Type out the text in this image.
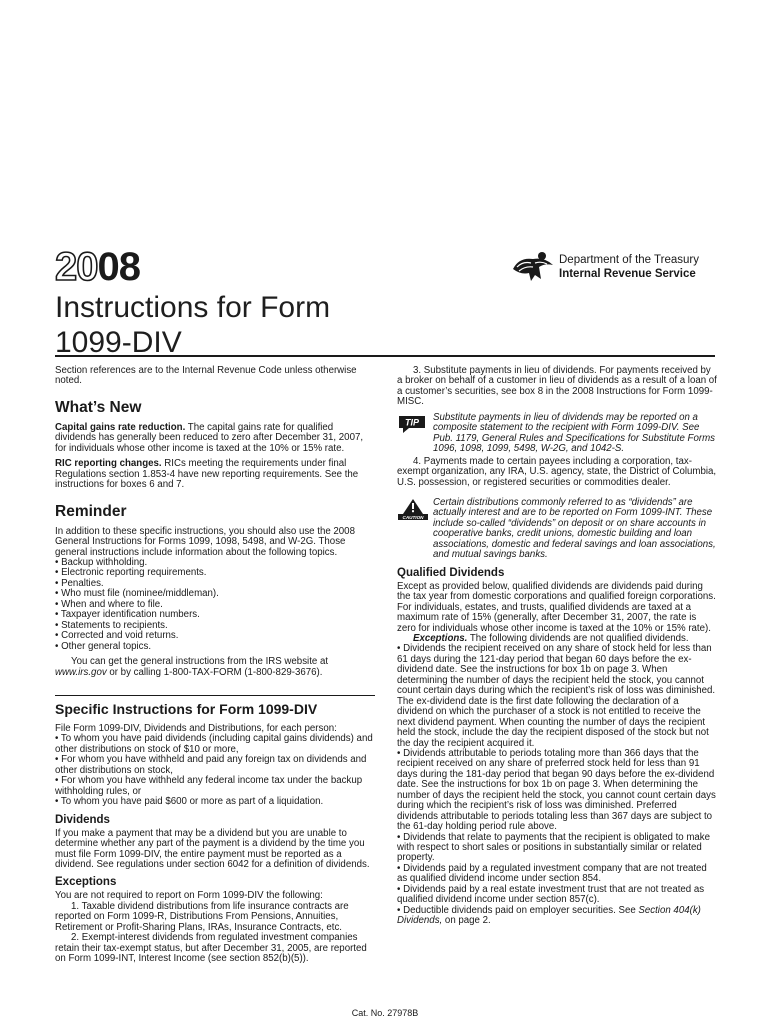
2008	Department of the Treasury
Internal Revenue Service
Instructions for Form
1099-DIV

Section references are to the Internal Revenue Code unless otherwise noted.

What’s New

Capital gains rate reduction. The capital gains rate for qualified dividends has generally been reduced to zero after December 31, 2007, for individuals whose other income is taxed at the 10% or 15% rate.

RIC reporting changes. RICs meeting the requirements under final Regulations section 1.853-4 have new reporting requirements. See the instructions for boxes 6 and 7.

Reminder

In addition to these specific instructions, you should also use the 2008 General Instructions for Forms 1099, 1098, 5498, and W-2G. Those general instructions include information about the following topics.

• Backup withholding.

• Electronic reporting requirements.

• Penalties.

• Who must file (nominee/middleman).

• When and where to file.

• Taxpayer identification numbers.

• Statements to recipients.

• Corrected and void returns.

• Other general topics.

You can get the general instructions from the IRS website at www.irs.gov or by calling 1-800-TAX-FORM (1-800-829-3676).

Specific Instructions for Form 1099-DIV

File Form 1099-DIV, Dividends and Distributions, for each person:

• To whom you have paid dividends (including capital gains dividends) and other distributions on stock of $10 or more,

• For whom you have withheld and paid any foreign tax on dividends and other distributions on stock,

• For whom you have withheld any federal income tax under the backup withholding rules, or

• To whom you have paid $600 or more as part of a liquidation.

Dividends

If you make a payment that may be a dividend but you are unable to determine whether any part of the payment is a dividend by the time you must file Form 1099-DIV, the entire payment must be reported as a dividend. See regulations under section 6042 for a definition of dividends.

Exceptions

You are not required to report on Form 1099-DIV the following:

1. Taxable dividend distributions from life insurance contracts are reported on Form 1099-R, Distributions From Pensions, Annuities, Retirement or Profit-Sharing Plans, IRAs, Insurance Contracts, etc.

2. Exempt-interest dividends from regulated investment companies retain their tax-exempt status, but after December 31, 2005, are reported on Form 1099-INT, Interest Income (see section 852(b)(5)).

3. Substitute payments in lieu of dividends. For payments received by a broker on behalf of a customer in lieu of dividends as a result of a loan of a customer’s securities, see box 8 in the 2008 Instructions for Form 1099-MISC.

TIP Substitute payments in lieu of dividends may be reported on a composite statement to the recipient with Form 1099-DIV. See Pub. 1179, General Rules and Specifications for Substitute Forms 1096, 1098, 1099, 5498, W-2G, and 1042-S.

4. Payments made to certain payees including a corporation, tax-exempt organization, any IRA, U.S. agency, state, the District of Columbia, U.S. possession, or registered securities or commodities dealer.

CAUTION

Certain distributions commonly referred to as “dividends” are actually interest and are to be reported on Form 1099-INT. These include so-called “dividends” on deposit or on share accounts in cooperative banks, credit unions, domestic building and loan associations, domestic and federal savings and loan associations, and mutual savings banks.

Qualified Dividends

Except as provided below, qualified dividends are dividends paid during the tax year from domestic corporations and qualified foreign corporations. For individuals, estates, and trusts, qualified dividends are taxed at a maximum rate of 15% (generally, after December 31, 2007, the rate is zero for individuals whose other income is taxed at the 10% or 15% rate).

Exceptions. The following dividends are not qualified dividends.

• Dividends the recipient received on any share of stock held for less than 61 days during the 121-day period that began 60 days before the ex-dividend date. See the instructions for box 1b on page 3. When determining the number of days the recipient held the stock, you cannot count certain days during which the recipient’s risk of loss was diminished. The ex-dividend date is the first date following the declaration of a dividend on which the purchaser of a stock is not entitled to receive the next dividend payment. When counting the number of days the recipient held the stock, include the day the recipient disposed of the stock but not the day the recipient acquired it.

• Dividends attributable to periods totaling more than 366 days that the recipient received on any share of preferred stock held for less than 91 days during the 181-day period that began 90 days before the ex-dividend date. See the instructions for box 1b on page 3. When determining the number of days the recipient held the stock, you cannot count certain days during which the recipient’s risk of loss was diminished. Preferred dividends attributable to periods totaling less than 367 days are subject to the 61-day holding period rule above.

• Dividends that relate to payments that the recipient is obligated to make with respect to short sales or positions in substantially similar or related property.

• Dividends paid by a regulated investment company that are not treated as qualified dividend income under section 854.

• Dividends paid by a real estate investment trust that are not treated as qualified dividend income under section 857(c).

• Deductible dividends paid on employer securities. See Section 404(k) Dividends, on page 2.

Cat. No. 27978B
